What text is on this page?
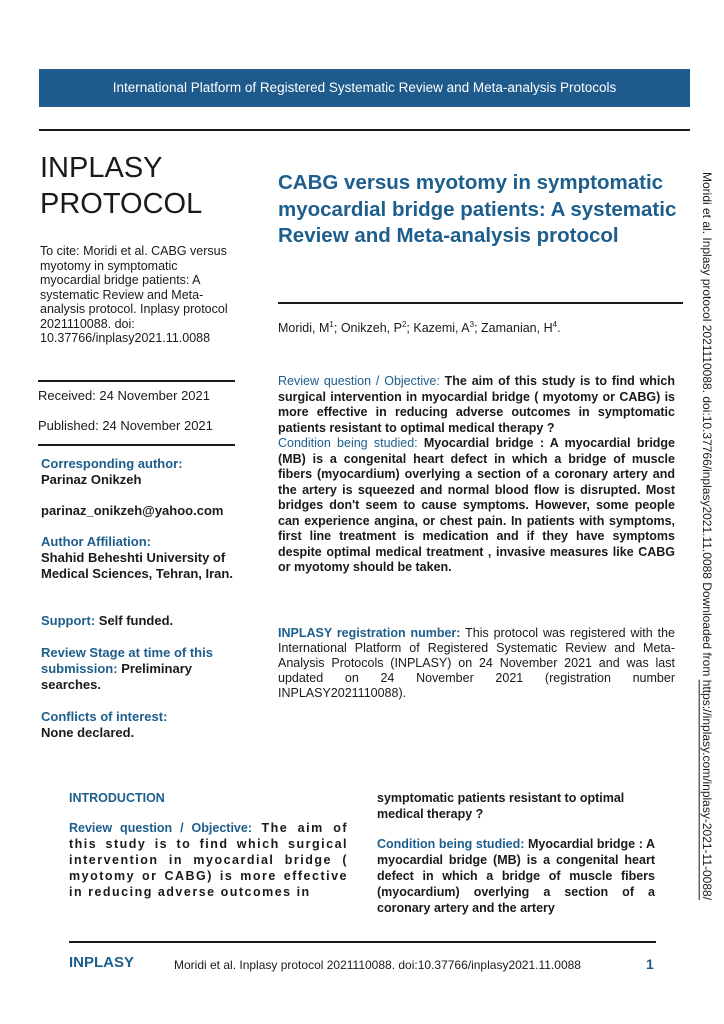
International Platform of Registered Systematic Review and Meta-analysis Protocols
INPLASY
PROTOCOL
To cite: Moridi et al. CABG versus myotomy in symptomatic myocardial bridge patients: A systematic Review and Meta-analysis protocol. Inplasy protocol 2021110088. doi: 10.37766/inplasy2021.11.0088
Received: 24 November 2021
Published: 24 November 2021
Corresponding author:
Parinaz Onikzeh
parinaz_onikzeh@yahoo.com
Author Affiliation:
Shahid Beheshti University of Medical Sciences, Tehran, Iran.
Support: Self funded.
Review Stage at time of this submission: Preliminary searches.
Conflicts of interest:
None declared.
CABG versus myotomy in symptomatic myocardial bridge patients: A systematic Review and Meta-analysis protocol
Moridi, $M^1$; Onikzeh, $P^2$; Kazemi, $A^3$; Zamanian, $H^4$.
Review question / Objective: The aim of this study is to find which surgical intervention in myocardial bridge ( myotomy or CABG) is more effective in reducing adverse outcomes in symptomatic patients resistant to optimal medical therapy ?
Condition being studied: Myocardial bridge : A myocardial bridge (MB) is a congenital heart defect in which a bridge of muscle fibers (myocardium) overlying a section of a coronary artery and the artery is squeezed and normal blood flow is disrupted. Most bridges don't seem to cause symptoms. However, some people can experience angina, or chest pain. In patients with symptoms, first line treatment is medication and if they have symptoms despite optimal medical treatment , invasive measures like CABG or myotomy should be taken.
INPLASY registration number: This protocol was registered with the International Platform of Registered Systematic Review and Meta-Analysis Protocols (INPLASY) on 24 November 2021 and was last updated on 24 November 2021 (registration number INPLASY2021110088).
INTRODUCTION
Review question / Objective: The aim of this study is to find which surgical intervention in myocardial bridge ( myotomy or CABG) is more effective in reducing adverse outcomes in
symptomatic patients resistant to optimal medical therapy ?
Condition being studied: Myocardial bridge : A myocardial bridge (MB) is a congenital heart defect in which a bridge of muscle fibers (myocardium) overlying a section of a coronary artery and the artery
INPLASY	Moridi et al. Inplasy protocol 2021110088. doi:10.37766/inplasy2021.11.0088	1
Moridi et al. Inplasy protocol 2021110088. doi:10.37766/inplasy2021.11.0088 Downloaded from https://inplasy.com/inplasy-2021-11-0088/
